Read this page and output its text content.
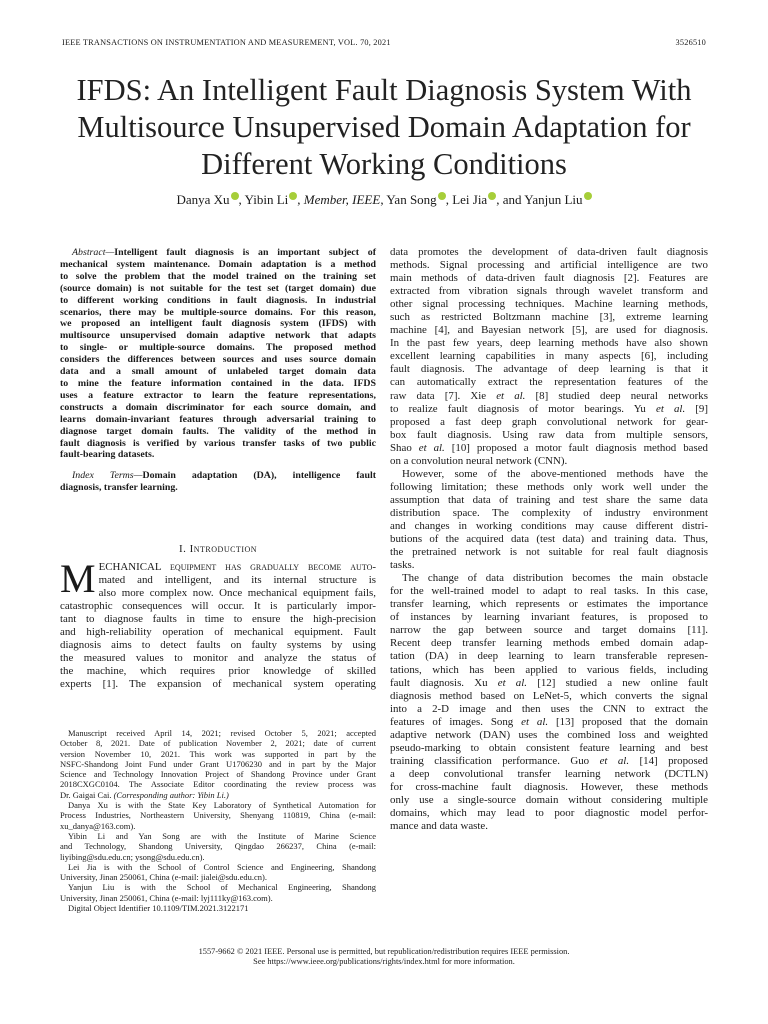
IEEE TRANSACTIONS ON INSTRUMENTATION AND MEASUREMENT, VOL. 70, 2021	3526510
IFDS: An Intelligent Fault Diagnosis System With
Multisource Unsupervised Domain Adaptation for
Different Working Conditions
Danya Xu , Yibin Li , Member, IEEE, Yan Song , Lei Jia , and Yanjun Liu
Abstract—Intelligent fault diagnosis is an important subject of
mechanical system maintenance. Domain adaptation is a method
to solve the problem that the model trained on the training set
(source domain) is not suitable for the test set (target domain) due
to different working conditions in fault diagnosis. In industrial
scenarios, there may be multiple-source domains. For this reason,
we proposed an intelligent fault diagnosis system (IFDS) with
multisource unsupervised domain adaptive network that adapts
to single- or multiple-source domains. The proposed method
considers the differences between sources and uses source domain
data and a small amount of unlabeled target domain data
to mine the feature information contained in the data. IFDS
uses a feature extractor to learn the feature representations,
constructs a domain discriminator for each source domain, and
learns domain-invariant features through adversarial training to
diagnose target domain faults. The validity of the method in
fault diagnosis is verified by various transfer tasks of two public
fault-bearing datasets.
Index Terms—Domain adaptation (DA), intelligence fault
diagnosis, transfer learning.
I. Introduction
M ECHANICAL equipment has gradually become auto-
mated and intelligent, and its internal structure is
also more complex now. Once mechanical equipment fails,
catastrophic consequences will occur. It is particularly impor-
tant to diagnose faults in time to ensure the high-precision
and high-reliability operation of mechanical equipment. Fault
diagnosis aims to detect faults on faulty systems by using
the measured values to monitor and analyze the status of
the machine, which requires prior knowledge of skilled
experts [1]. The expansion of mechanical system operating

Manuscript received April 14, 2021; revised October 5, 2021; accepted
October 8, 2021. Date of publication November 2, 2021; date of current
version November 10, 2021. This work was supported in part by the
NSFC-Shandong Joint Fund under Grant U1706230 and in part by the Major
Science and Technology Innovation Project of Shandong Province under Grant
2018CXGC0104. The Associate Editor coordinating the review process was
Dr. Gaigai Cai. (Corresponding author: Yibin Li.)

Danya Xu is with the State Key Laboratory of Synthetical Automation for
Process Industries, Northeastern University, Shenyang 110819, China (e-mail:
xu_danya@163.com).

Yibin Li and Yan Song are with the Institute of Marine Science
and Technology, Shandong University, Qingdao 266237, China (e-mail:
liyibing@sdu.edu.cn; ysong@sdu.edu.cn).

Lei Jia is with the School of Control Science and Engineering, Shandong
University, Jinan 250061, China (e-mail: jialei@sdu.edu.cn).

Yanjun Liu is with the School of Mechanical Engineering, Shandong
University, Jinan 250061, China (e-mail: lyj111ky@163.com).

Digital Object Identifier 10.1109/TIM.2021.3122171

data promotes the development of data-driven fault diagnosis
methods. Signal processing and artificial intelligence are two
main methods of data-driven fault diagnosis [2]. Features are
extracted from vibration signals through wavelet transform and
other signal processing techniques. Machine learning methods,
such as restricted Boltzmann machine [3], extreme learning
machine [4], and Bayesian network [5], are used for diagnosis.
In the past few years, deep learning methods have also shown
excellent learning capabilities in many aspects [6], including
fault diagnosis. The advantage of deep learning is that it
can automatically extract the representation features of the
raw data [7]. Xie et al. [8] studied deep neural networks
to realize fault diagnosis of motor bearings. Yu et al. [9]
proposed a fast deep graph convolutional network for gear-
box fault diagnosis. Using raw data from multiple sensors,
Shao et al. [10] proposed a motor fault diagnosis method based
on a convolution neural network (CNN).
However, some of the above-mentioned methods have the
following limitation; these methods only work well under the
assumption that data of training and test share the same data
distribution space. The complexity of industry environment
and changes in working conditions may cause different distri-
butions of the acquired data (test data) and training data. Thus,
the pretrained network is not suitable for real fault diagnosis
tasks.
The change of data distribution becomes the main obstacle
for the well-trained model to adapt to real tasks. In this case,
transfer learning, which represents or estimates the importance
of instances by learning invariant features, is proposed to
narrow the gap between source and target domains [11].
Recent deep transfer learning methods embed domain adap-
tation (DA) in deep learning to learn transferable represen-
tations, which has been applied to various fields, including
fault diagnosis. Xu et al. [12] studied a new online fault
diagnosis method based on LeNet-5, which converts the signal
into a 2-D image and then uses the CNN to extract the
features of images. Song et al. [13] proposed that the domain
adaptive network (DAN) uses the combined loss and weighted
pseudo-marking to obtain consistent feature learning and best
training classification performance. Guo et al. [14] proposed
a deep convolutional transfer learning network (DCTLN)
for cross-machine fault diagnosis. However, these methods
only use a single-source domain without considering multiple
domains, which may lead to poor diagnostic model perfor-
mance and data waste.
1557-9662 © 2021 IEEE. Personal use is permitted, but republication/redistribution requires IEEE permission.
See https://www.ieee.org/publications/rights/index.html for more information.
